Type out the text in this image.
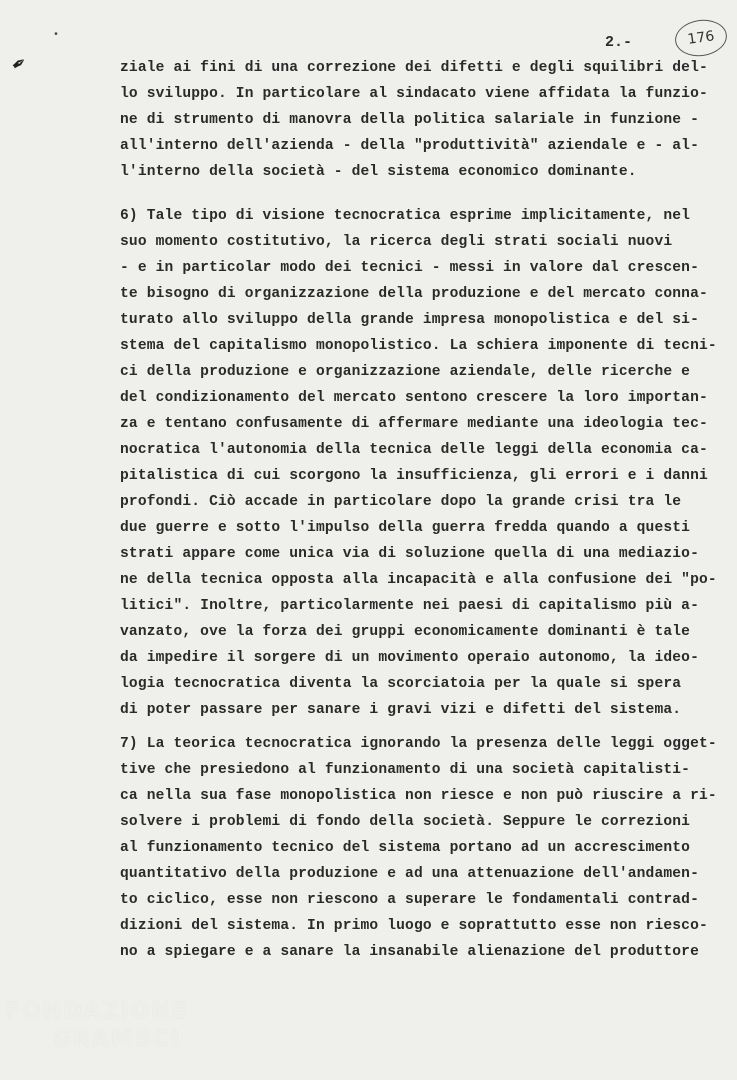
✒
•	2.-	176
ziale ai fini di una correzione dei difetti e degli squilibri del-
lo sviluppo. In particolare al sindacato viene affidata la funzio-
ne di strumento di manovra della politica salariale in funzione -
all'interno dell'azienda - della "produttività" aziendale e - al-
l'interno della società - del sistema economico dominante.
6) Tale tipo di visione tecnocratica esprime implicitamente, nel
suo momento costitutivo, la ricerca degli strati sociali nuovi
- e in particolar modo dei tecnici - messi in valore dal crescen-
te bisogno di organizzazione della produzione e del mercato conna-
turato allo sviluppo della grande impresa monopolistica e del si-
stema del capitalismo monopolistico. La schiera imponente di tecni-
ci della produzione e organizzazione aziendale, delle ricerche e
del condizionamento del mercato sentono crescere la loro importan-
za e tentano confusamente di affermare mediante una ideologia tec-
nocratica l'autonomia della tecnica delle leggi della economia ca-
pitalistica di cui scorgono la insufficienza, gli errori e i danni
profondi. Ciò accade in particolare dopo la grande crisi tra le
due guerre e sotto l'impulso della guerra fredda quando a questi
strati appare come unica via di soluzione quella di una mediazio-
ne della tecnica opposta alla incapacità e alla confusione dei "po-
litici". Inoltre, particolarmente nei paesi di capitalismo più a-
vanzato, ove la forza dei gruppi economicamente dominanti è tale
da impedire il sorgere di un movimento operaio autonomo, la ideo-
logia tecnocratica diventa la scorciatoia per la quale si spera
di poter passare per sanare i gravi vizi e difetti del sistema.
7) La teorica tecnocratica ignorando la presenza delle leggi ogget-
tive che presiedono al funzionamento di una società capitalisti-
ca nella sua fase monopolistica non riesce e non può riuscire a ri-
solvere i problemi di fondo della società. Seppure le correzioni
al funzionamento tecnico del sistema portano ad un accrescimento
quantitativo della produzione e ad una attenuazione dell'andamen-
to ciclico, esse non riescono a superare le fondamentali contrad-
dizioni del sistema. In primo luogo e soprattutto esse non riesco-
no a spiegare e a sanare la insanabile alienazione del produttore
FONDAZIONE
GRAMSCI
